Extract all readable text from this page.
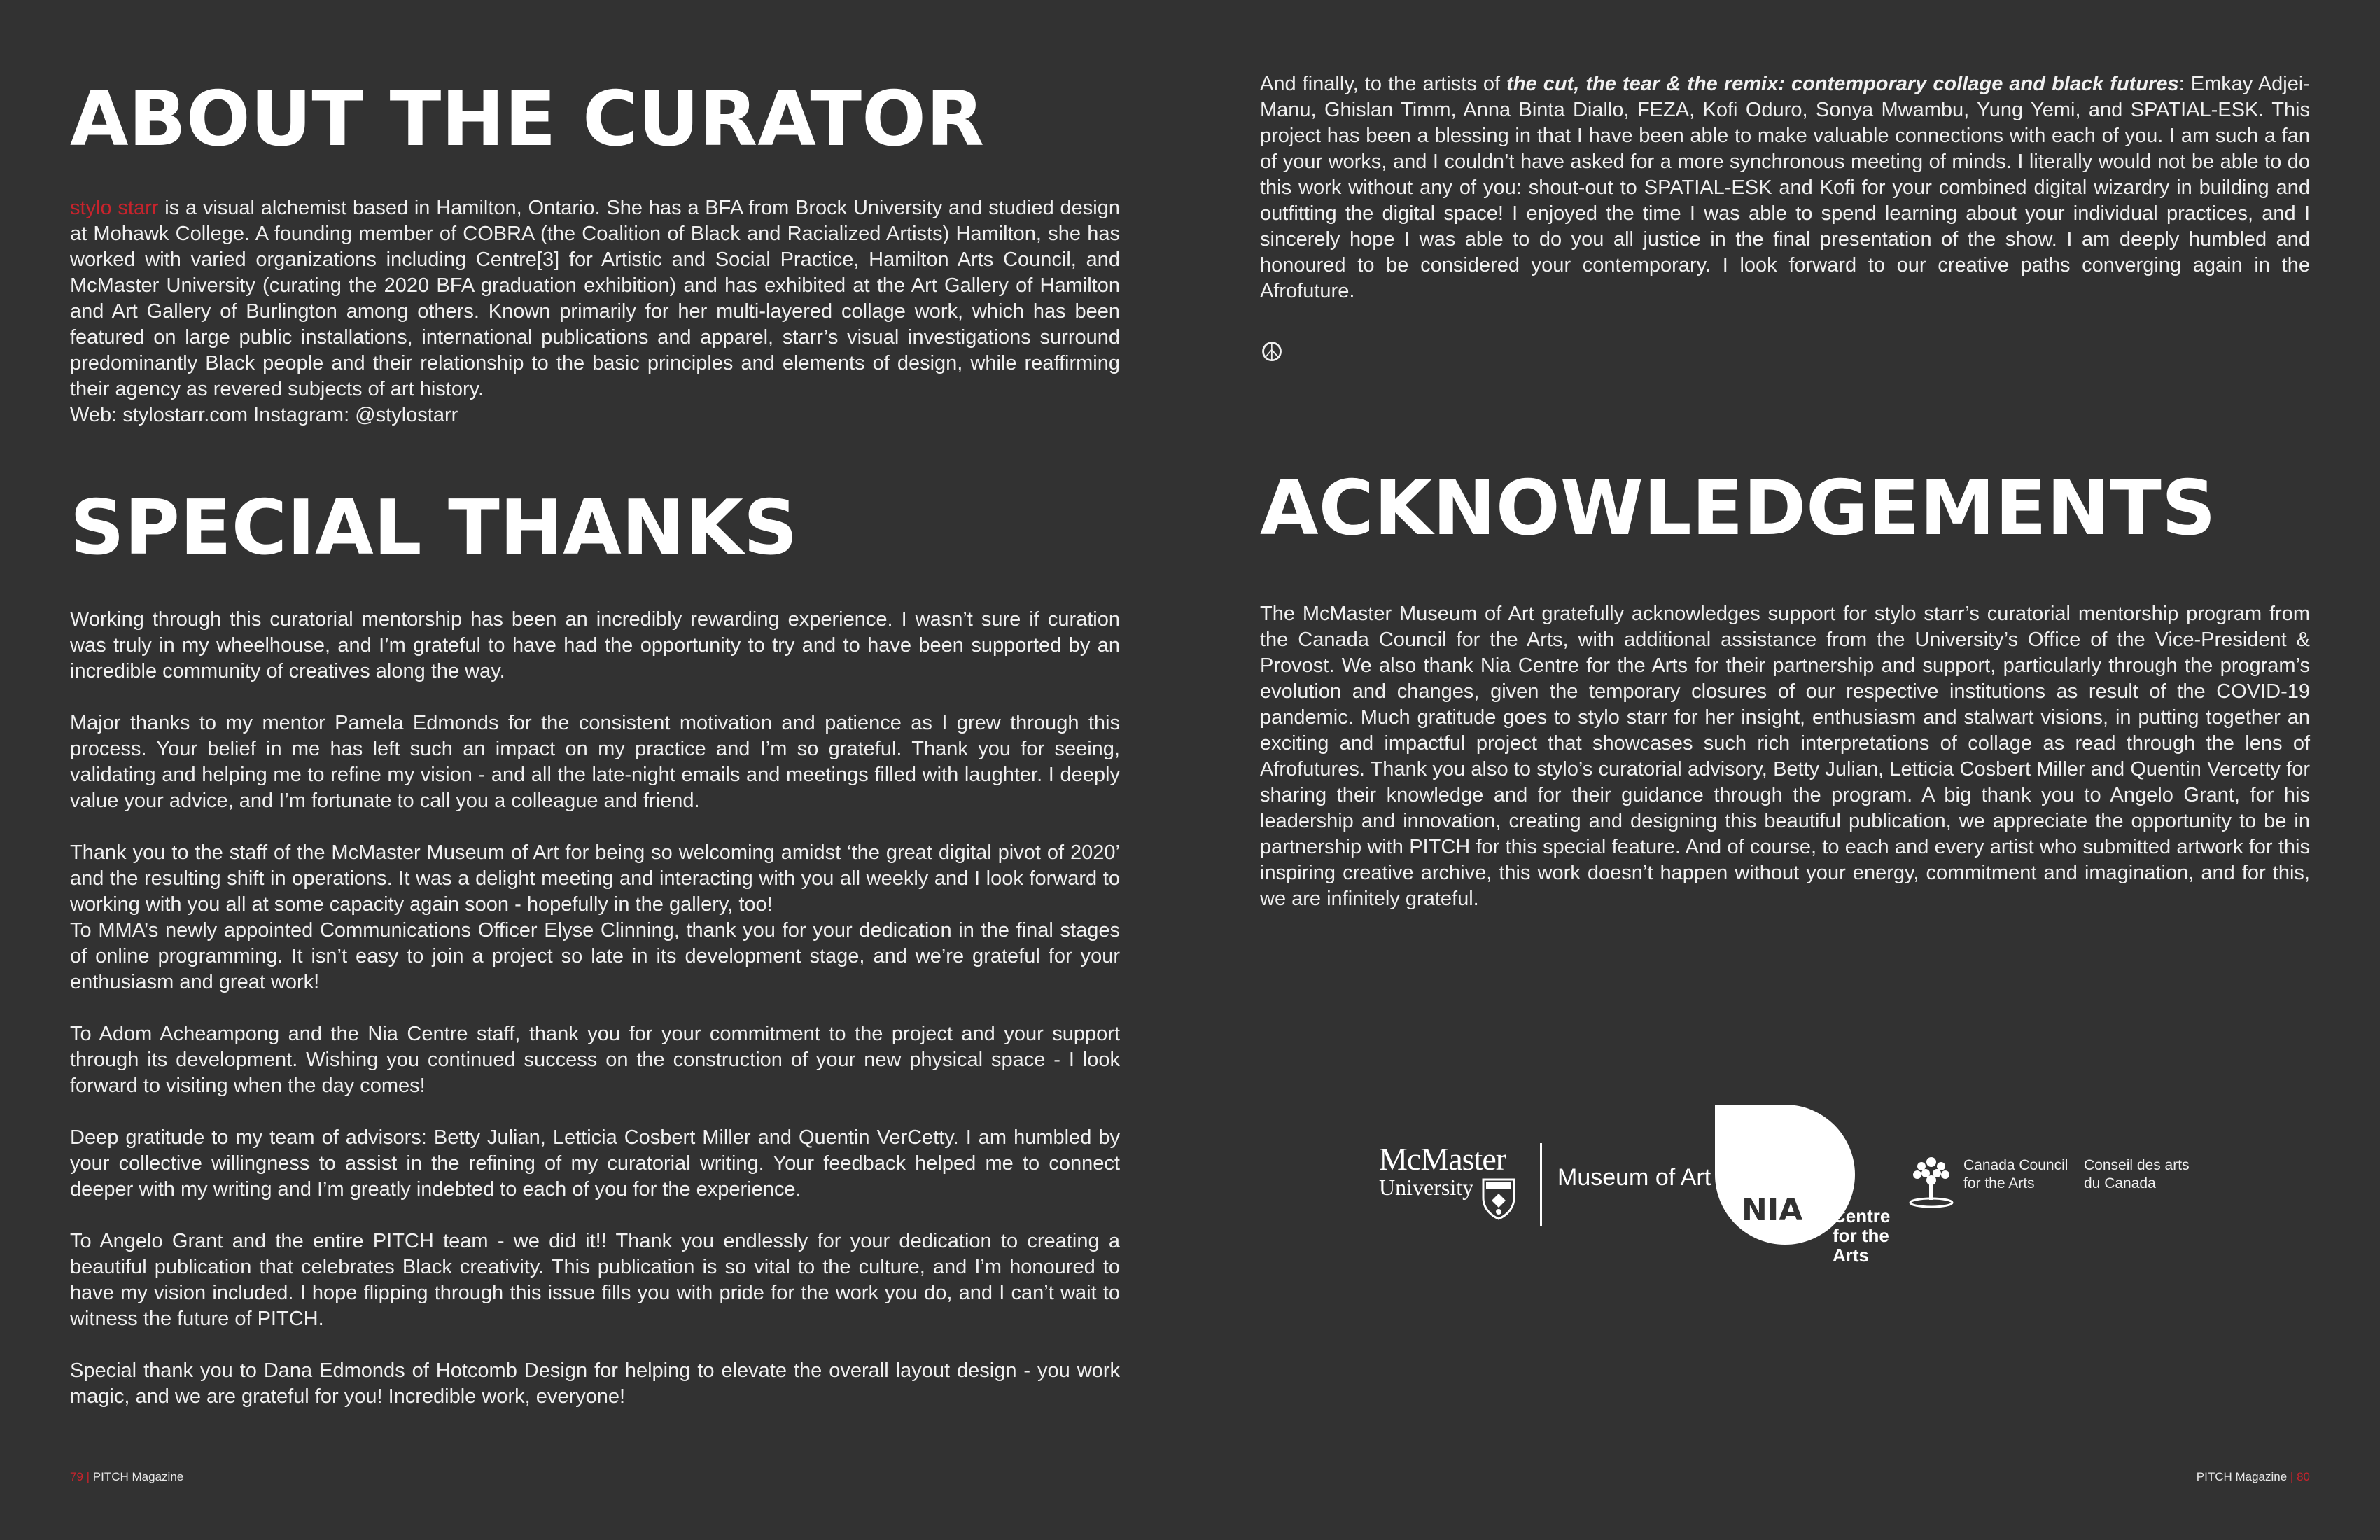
ABOUT THE CURATOR

stylo starr is a visual alchemist based in Hamilton, Ontario. She has a BFA from Brock University and studied design at Mohawk College. A founding member of COBRA (the Coalition of Black and Racialized Artists) Hamilton, she has worked with varied organizations including Centre[3] for Artistic and Social Practice, Hamilton Arts Council, and McMaster University (curating the 2020 BFA graduation exhibition) and has exhibited at the Art Gallery of Hamilton and Art Gallery of Burlington among others. Known primarily for her multi-layered collage work, which has been featured on large public installations, international publications and apparel, starr’s visual investigations surround predominantly Black people and their relationship to the basic principles and elements of design, while reaffirming their agency as revered subjects of art history.

Web: stylostarr.com Instagram: @stylostarr

SPECIAL THANKS

Working through this curatorial mentorship has been an incredibly rewarding experience. I wasn’t sure if curation was truly in my wheelhouse, and I’m grateful to have had the opportunity to try and to have been supported by an incredible community of creatives along the way.

Major thanks to my mentor Pamela Edmonds for the consistent motivation and patience as I grew through this process. Your belief in me has left such an impact on my practice and I’m so grateful. Thank you for seeing, validating and helping me to refine my vision - and all the late-night emails and meetings filled with laughter. I deeply value your advice, and I’m fortunate to call you a colleague and friend.

Thank you to the staff of the McMaster Museum of Art for being so welcoming amidst ‘the great digital pivot of 2020’ and the resulting shift in operations. It was a delight meeting and interacting with you all weekly and I look forward to working with you all at some capacity again soon - hopefully in the gallery, too!

To MMA’s newly appointed Communications Officer Elyse Clinning, thank you for your dedication in the final stages of online programming. It isn’t easy to join a project so late in its development stage, and we’re grateful for your enthusiasm and great work!

To Adom Acheampong and the Nia Centre staff, thank you for your commitment to the project and your support through its development. Wishing you continued success on the construction of your new physical space - I look forward to visiting when the day comes!

Deep gratitude to my team of advisors: Betty Julian, Letticia Cosbert Miller and Quentin VerCetty. I am humbled by your collective willingness to assist in the refining of my curatorial writing. Your feedback helped me to connect deeper with my writing and I’m greatly indebted to each of you for the experience.

To Angelo Grant and the entire PITCH team - we did it!! Thank you endlessly for your dedication to creating a beautiful publication that celebrates Black creativity. This publication is so vital to the culture, and I’m honoured to have my vision included. I hope flipping through this issue fills you with pride for the work you do, and I can’t wait to witness the future of PITCH.

Special thank you to Dana Edmonds of Hotcomb Design for helping to elevate the overall layout design - you work magic, and we are grateful for you! Incredible work, everyone!

79 | PITCH Magazine

And finally, to the artists of the cut, the tear & the remix: contemporary collage and black futures: Emkay Adjei-Manu, Ghislan Timm, Anna Binta Diallo, FEZA, Kofi Oduro, Sonya Mwambu, Yung Yemi, and SPATIAL-ESK. This project has been a blessing in that I have been able to make valuable connections with each of you. I am such a fan of your works, and I couldn’t have asked for a more synchronous meeting of minds. I literally would not be able to do this work without any of you: shout-out to SPATIAL-ESK and Kofi for your combined digital wizardry in building and outfitting the digital space! I enjoyed the time I was able to spend learning about your individual practices, and I sincerely hope I was able to do you all justice in the final presentation of the show. I am deeply humbled and honoured to be considered your contemporary. I look forward to our creative paths converging again in the Afrofuture.

☮
ACKNOWLEDGEMENTS

The McMaster Museum of Art gratefully acknowledges support for stylo starr’s curatorial mentorship program from the Canada Council for the Arts, with additional assistance from the University’s Office of the Vice-President & Provost. We also thank Nia Centre for the Arts for their partnership and support, particularly through the program’s evolution and changes, given the temporary closures of our respective institutions as result of the COVID-19 pandemic. Much gratitude goes to stylo starr for her insight, enthusiasm and stalwart visions, in putting together an exciting and impactful project that showcases such rich interpretations of collage as read through the lens of Afrofutures. Thank you also to stylo’s curatorial advisory, Betty Julian, Letticia Cosbert Miller and Quentin Vercetty for sharing their knowledge and for their guidance through the program. A big thank you to Angelo Grant, for his leadership and innovation, creating and designing this beautiful publication, we appreciate the opportunity to be in partnership with PITCH for this special feature. And of course, to each and every artist who submitted artwork for this inspiring creative archive, this work doesn’t happen without your energy, commitment and imagination, and for this, we are infinitely grateful.

McMaster
University	Museum of Art
NIA Centre
for the
Arts
Canada Council
for the Arts
Conseil des arts
du Canada
PITCH Magazine | 80
